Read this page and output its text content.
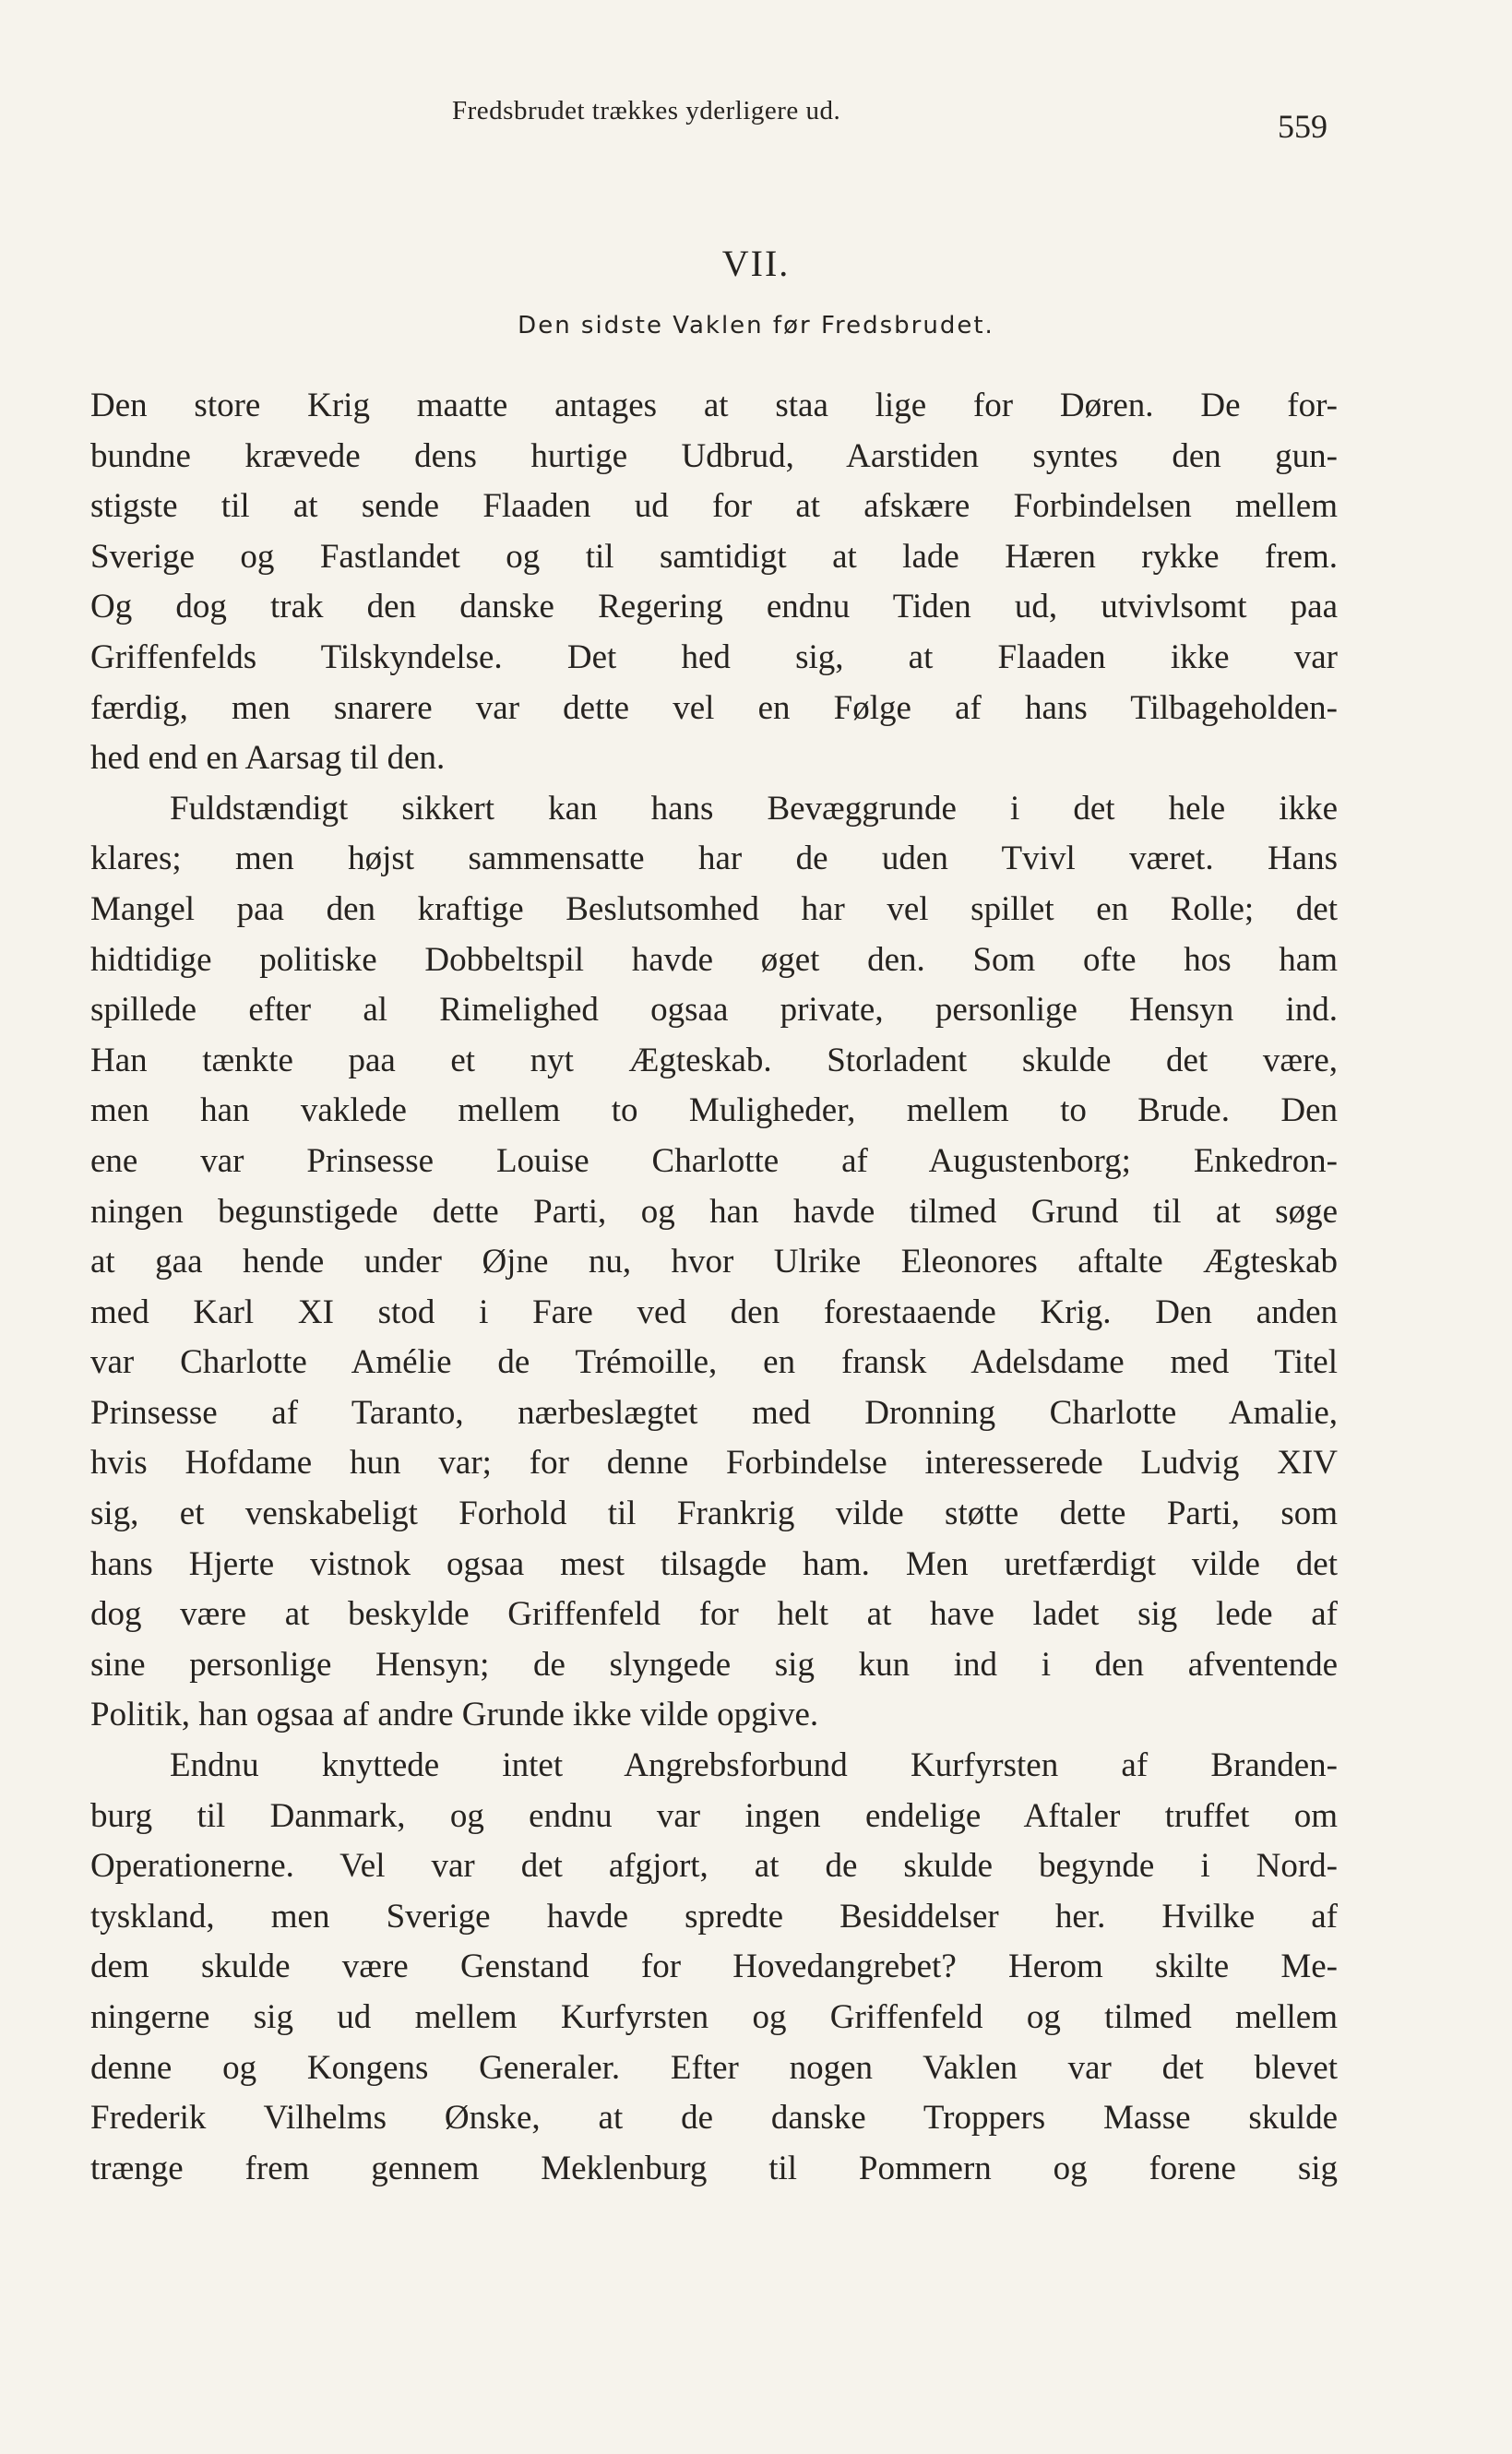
Fredsbrudet trækkes yderligere ud.	559
VII.
Den sidste Vaklen før Fredsbrudet.
Den store Krig maatte antages at staa lige for Døren. De for-
bundne krævede dens hurtige Udbrud, Aarstiden syntes den gun-
stigste til at sende Flaaden ud for at afskære Forbindelsen mellem
Sverige og Fastlandet og til samtidigt at lade Hæren rykke frem.
Og dog trak den danske Regering endnu Tiden ud, utvivlsomt paa
Griffenfelds Tilskyndelse. Det hed sig, at Flaaden ikke var
færdig, men snarere var dette vel en Følge af hans Tilbageholden-
hed end en Aarsag til den.
Fuldstændigt sikkert kan hans Bevæggrunde i det hele ikke
klares; men højst sammensatte har de uden Tvivl været. Hans
Mangel paa den kraftige Beslutsomhed har vel spillet en Rolle; det
hidtidige politiske Dobbeltspil havde øget den. Som ofte hos ham
spillede efter al Rimelighed ogsaa private, personlige Hensyn ind.
Han tænkte paa et nyt Ægteskab. Storladent skulde det være,
men han vaklede mellem to Muligheder, mellem to Brude. Den
ene var Prinsesse Louise Charlotte af Augustenborg; Enkedron-
ningen begunstigede dette Parti, og han havde tilmed Grund til at søge
at gaa hende under Øjne nu, hvor Ulrike Eleonores aftalte Ægteskab
med Karl XI stod i Fare ved den forestaaende Krig. Den anden
var Charlotte Amélie de Trémoille, en fransk Adelsdame med Titel
Prinsesse af Taranto, nærbeslægtet med Dronning Charlotte Amalie,
hvis Hofdame hun var; for denne Forbindelse interesserede Ludvig XIV
sig, et venskabeligt Forhold til Frankrig vilde støtte dette Parti, som
hans Hjerte vistnok ogsaa mest tilsagde ham. Men uretfærdigt vilde det
dog være at beskylde Griffenfeld for helt at have ladet sig lede af
sine personlige Hensyn; de slyngede sig kun ind i den afventende
Politik, han ogsaa af andre Grunde ikke vilde opgive.
Endnu knyttede intet Angrebsforbund Kurfyrsten af Branden-
burg til Danmark, og endnu var ingen endelige Aftaler truffet om
Operationerne. Vel var det afgjort, at de skulde begynde i Nord-
tyskland, men Sverige havde spredte Besiddelser her. Hvilke af
dem skulde være Genstand for Hovedangrebet? Herom skilte Me-
ningerne sig ud mellem Kurfyrsten og Griffenfeld og tilmed mellem
denne og Kongens Generaler. Efter nogen Vaklen var det blevet
Frederik Vilhelms Ønske, at de danske Troppers Masse skulde
trænge frem gennem Meklenburg til Pommern og forene sig
